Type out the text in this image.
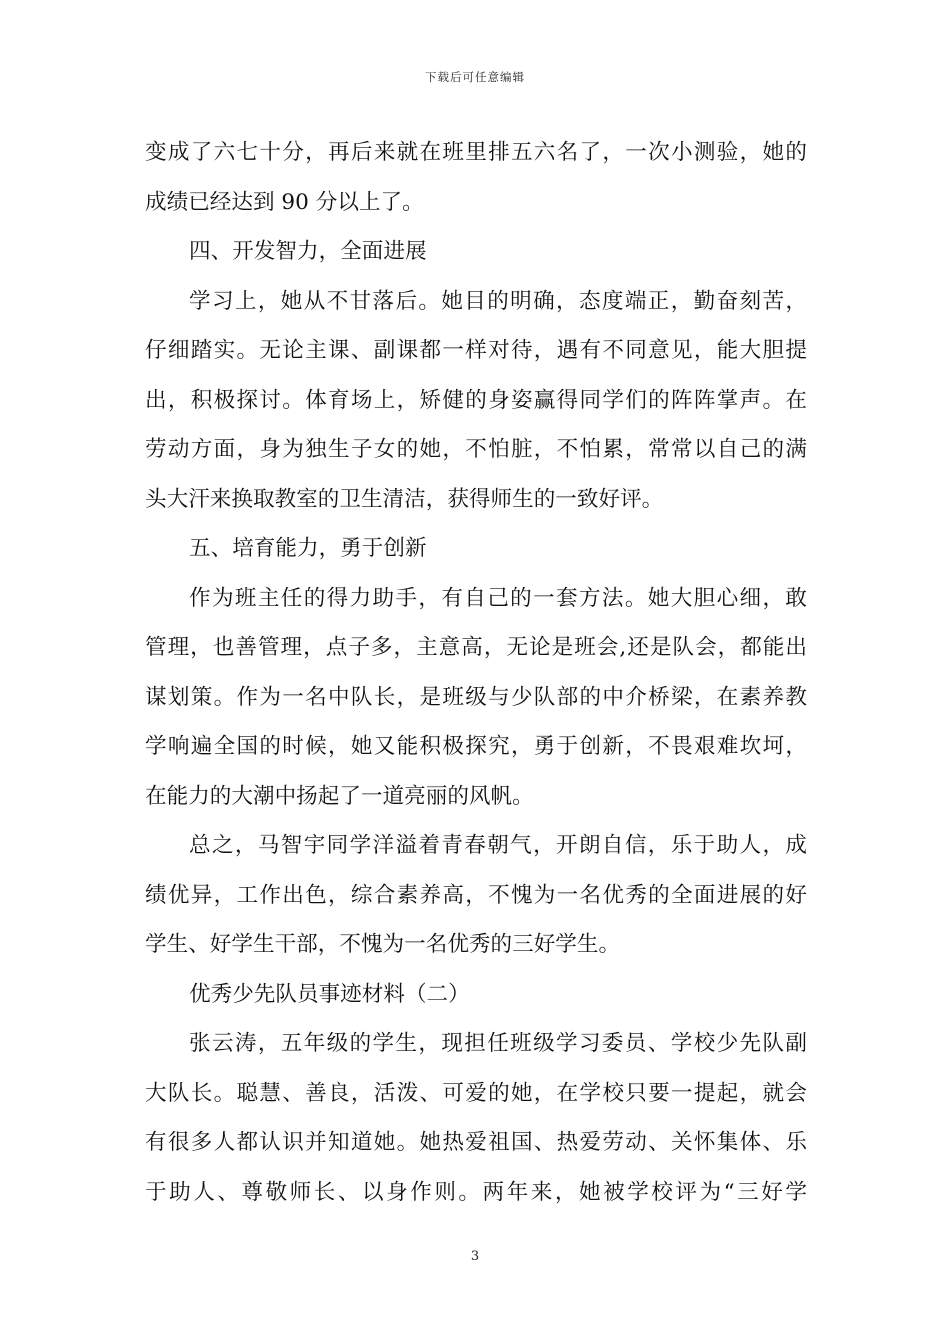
下载后可任意编辑
变成了六七十分，再后来就在班里排五六名了，一次小测验，她的
成绩已经达到 90 分以上了。
四、开发智力，全面进展
学习上，她从不甘落后。她目的明确，态度端正，勤奋刻苦，
仔细踏实。无论主课、副课都一样对待，遇有不同意见，能大胆提
出，积极探讨。体育场上，矫健的身姿赢得同学们的阵阵掌声。在
劳动方面，身为独生子女的她，不怕脏，不怕累，常常以自己的满
头大汗来换取教室的卫生清洁，获得师生的一致好评。
五、培育能力，勇于创新
作为班主任的得力助手，有自己的一套方法。她大胆心细，敢
管理，也善管理，点子多，主意高，无论是班会,还是队会，都能出
谋划策。作为一名中队长，是班级与少队部的中介桥梁，在素养教
学响遍全国的时候，她又能积极探究，勇于创新，不畏艰难坎坷，
在能力的大潮中扬起了一道亮丽的风帆。
总之，马智宇同学洋溢着青春朝气，开朗自信，乐于助人，成
绩优异，工作出色，综合素养高，不愧为一名优秀的全面进展的好
学生、好学生干部，不愧为一名优秀的三好学生。
优秀少先队员事迹材料（二）
张云涛，五年级的学生，现担任班级学习委员、学校少先队副
大队长。聪慧、善良，活泼、可爱的她，在学校只要一提起，就会
有很多人都认识并知道她。她热爱祖国、热爱劳动、关怀集体、乐
于助人、尊敬师长、以身作则。两年来，她被学校评为“三好学
3
